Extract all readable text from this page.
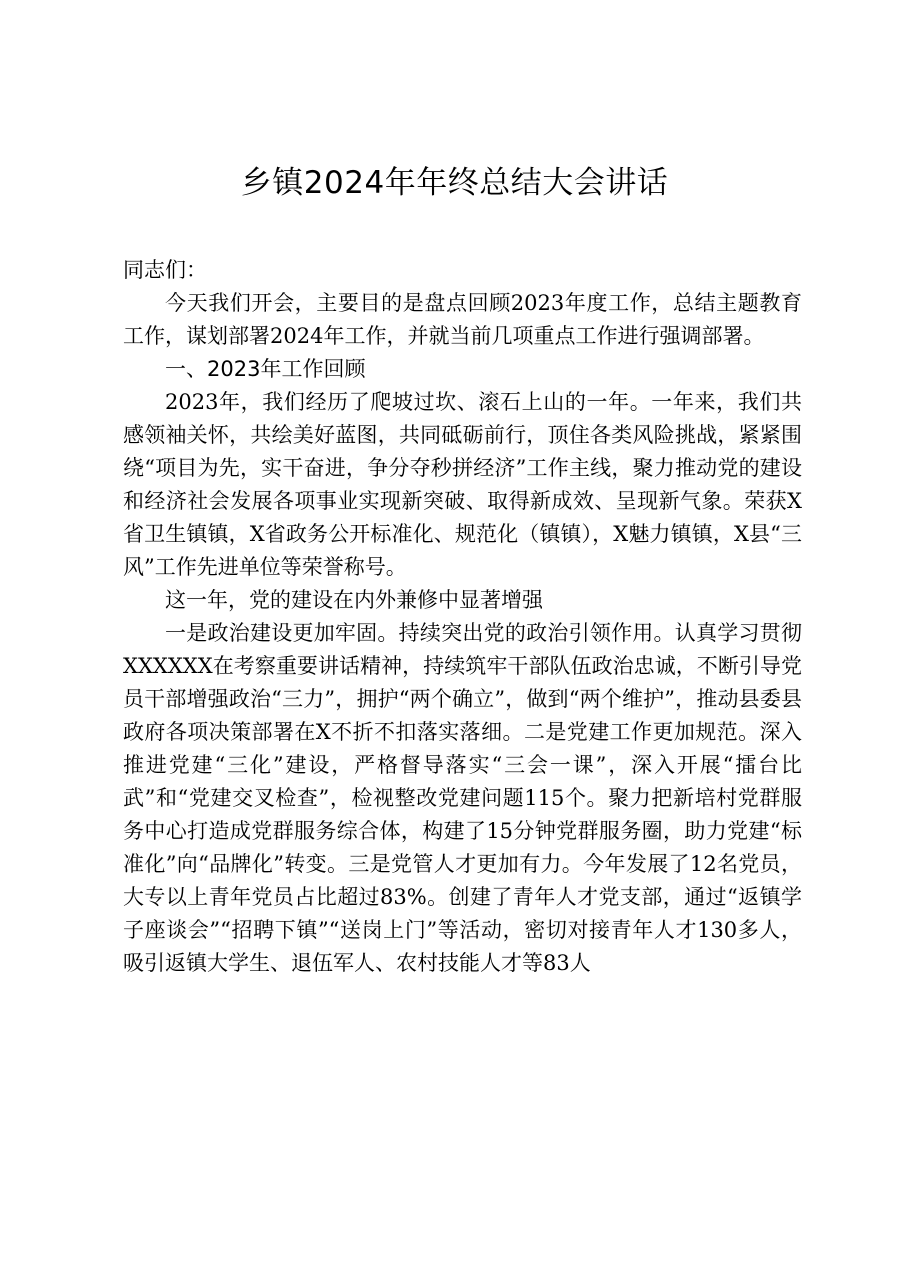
乡镇2024年年终总结大会讲话

同志们：

今天我们开会，主要目的是盘点回顾2023年度工作，总结主题教育工作，谋划部署2024年工作，并就当前几项重点工作进行强调部署。

一、2023年工作回顾

2023年，我们经历了爬坡过坎、滚石上山的一年。一年来，我们共感领袖关怀，共绘美好蓝图，共同砥砺前行，顶住各类风险挑战，紧紧围绕“项目为先，实干奋进，争分夺秒拼经济”工作主线，聚力推动党的建设和经济社会发展各项事业实现新突破、取得新成效、呈现新气象。荣获X省卫生镇镇，X省政务公开标准化、规范化（镇镇），X魅力镇镇，X县“三风”工作先进单位等荣誉称号。

这一年，党的建设在内外兼修中显著增强

一是政治建设更加牢固。持续突出党的政治引领作用。认真学习贯彻XXXXXX在考察重要讲话精神，持续筑牢干部队伍政治忠诚，不断引导党员干部增强政治“三力”，拥护“两个确立”，做到“两个维护”，推动县委县政府各项决策部署在X不折不扣落实落细。二是党建工作更加规范。深入推进党建“三化”建设，严格督导落实“三会一课”，深入开展“擂台比武”和“党建交叉检查”，检视整改党建问题115个。聚力把新培村党群服务中心打造成党群服务综合体，构建了15分钟党群服务圈，助力党建“标准化”向“品牌化”转变。三是党管人才更加有力。今年发展了12名党员，大专以上青年党员占比超过83%。创建了青年人才党支部，通过“返镇学子座谈会”“招聘下镇”“送岗上门”等活动，密切对接青年人才130多人，吸引返镇大学生、退伍军人、农村技能人才等83人
